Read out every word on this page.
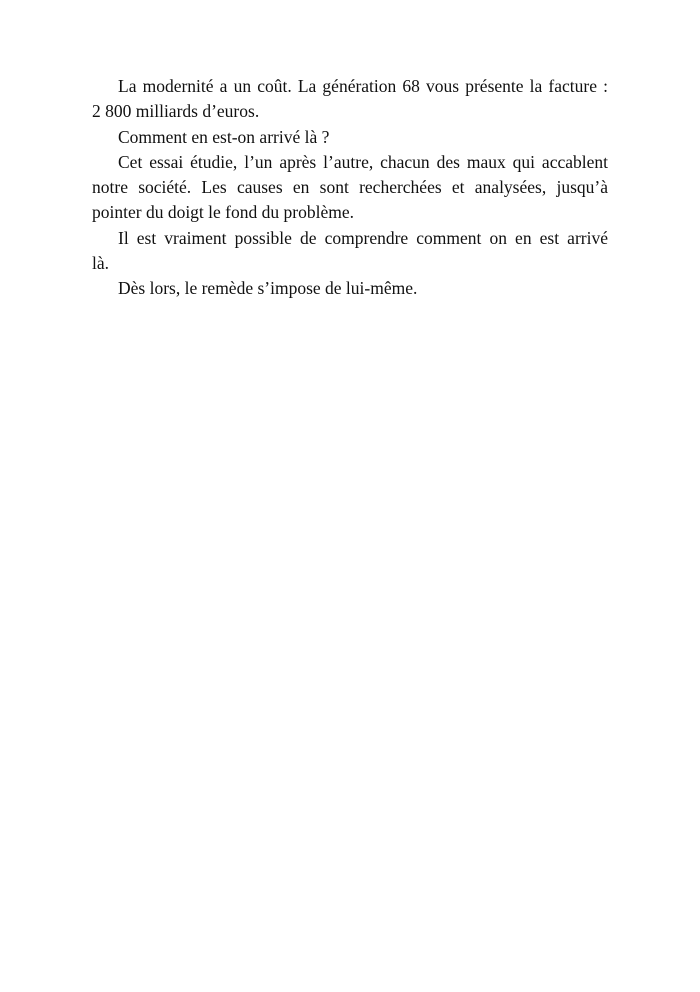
La modernité a un coût. La génération 68 vous présente la facture :
2 800 milliards d’euros.

Comment en est-on arrivé là ?

Cet essai étudie, l’un après l’autre, chacun des maux qui accablent
notre société. Les causes en sont recherchées et analysées, jusqu’à
pointer du doigt le fond du problème.

Il est vraiment possible de comprendre comment on en est arrivé
là.

Dès lors, le remède s’impose de lui-même.
